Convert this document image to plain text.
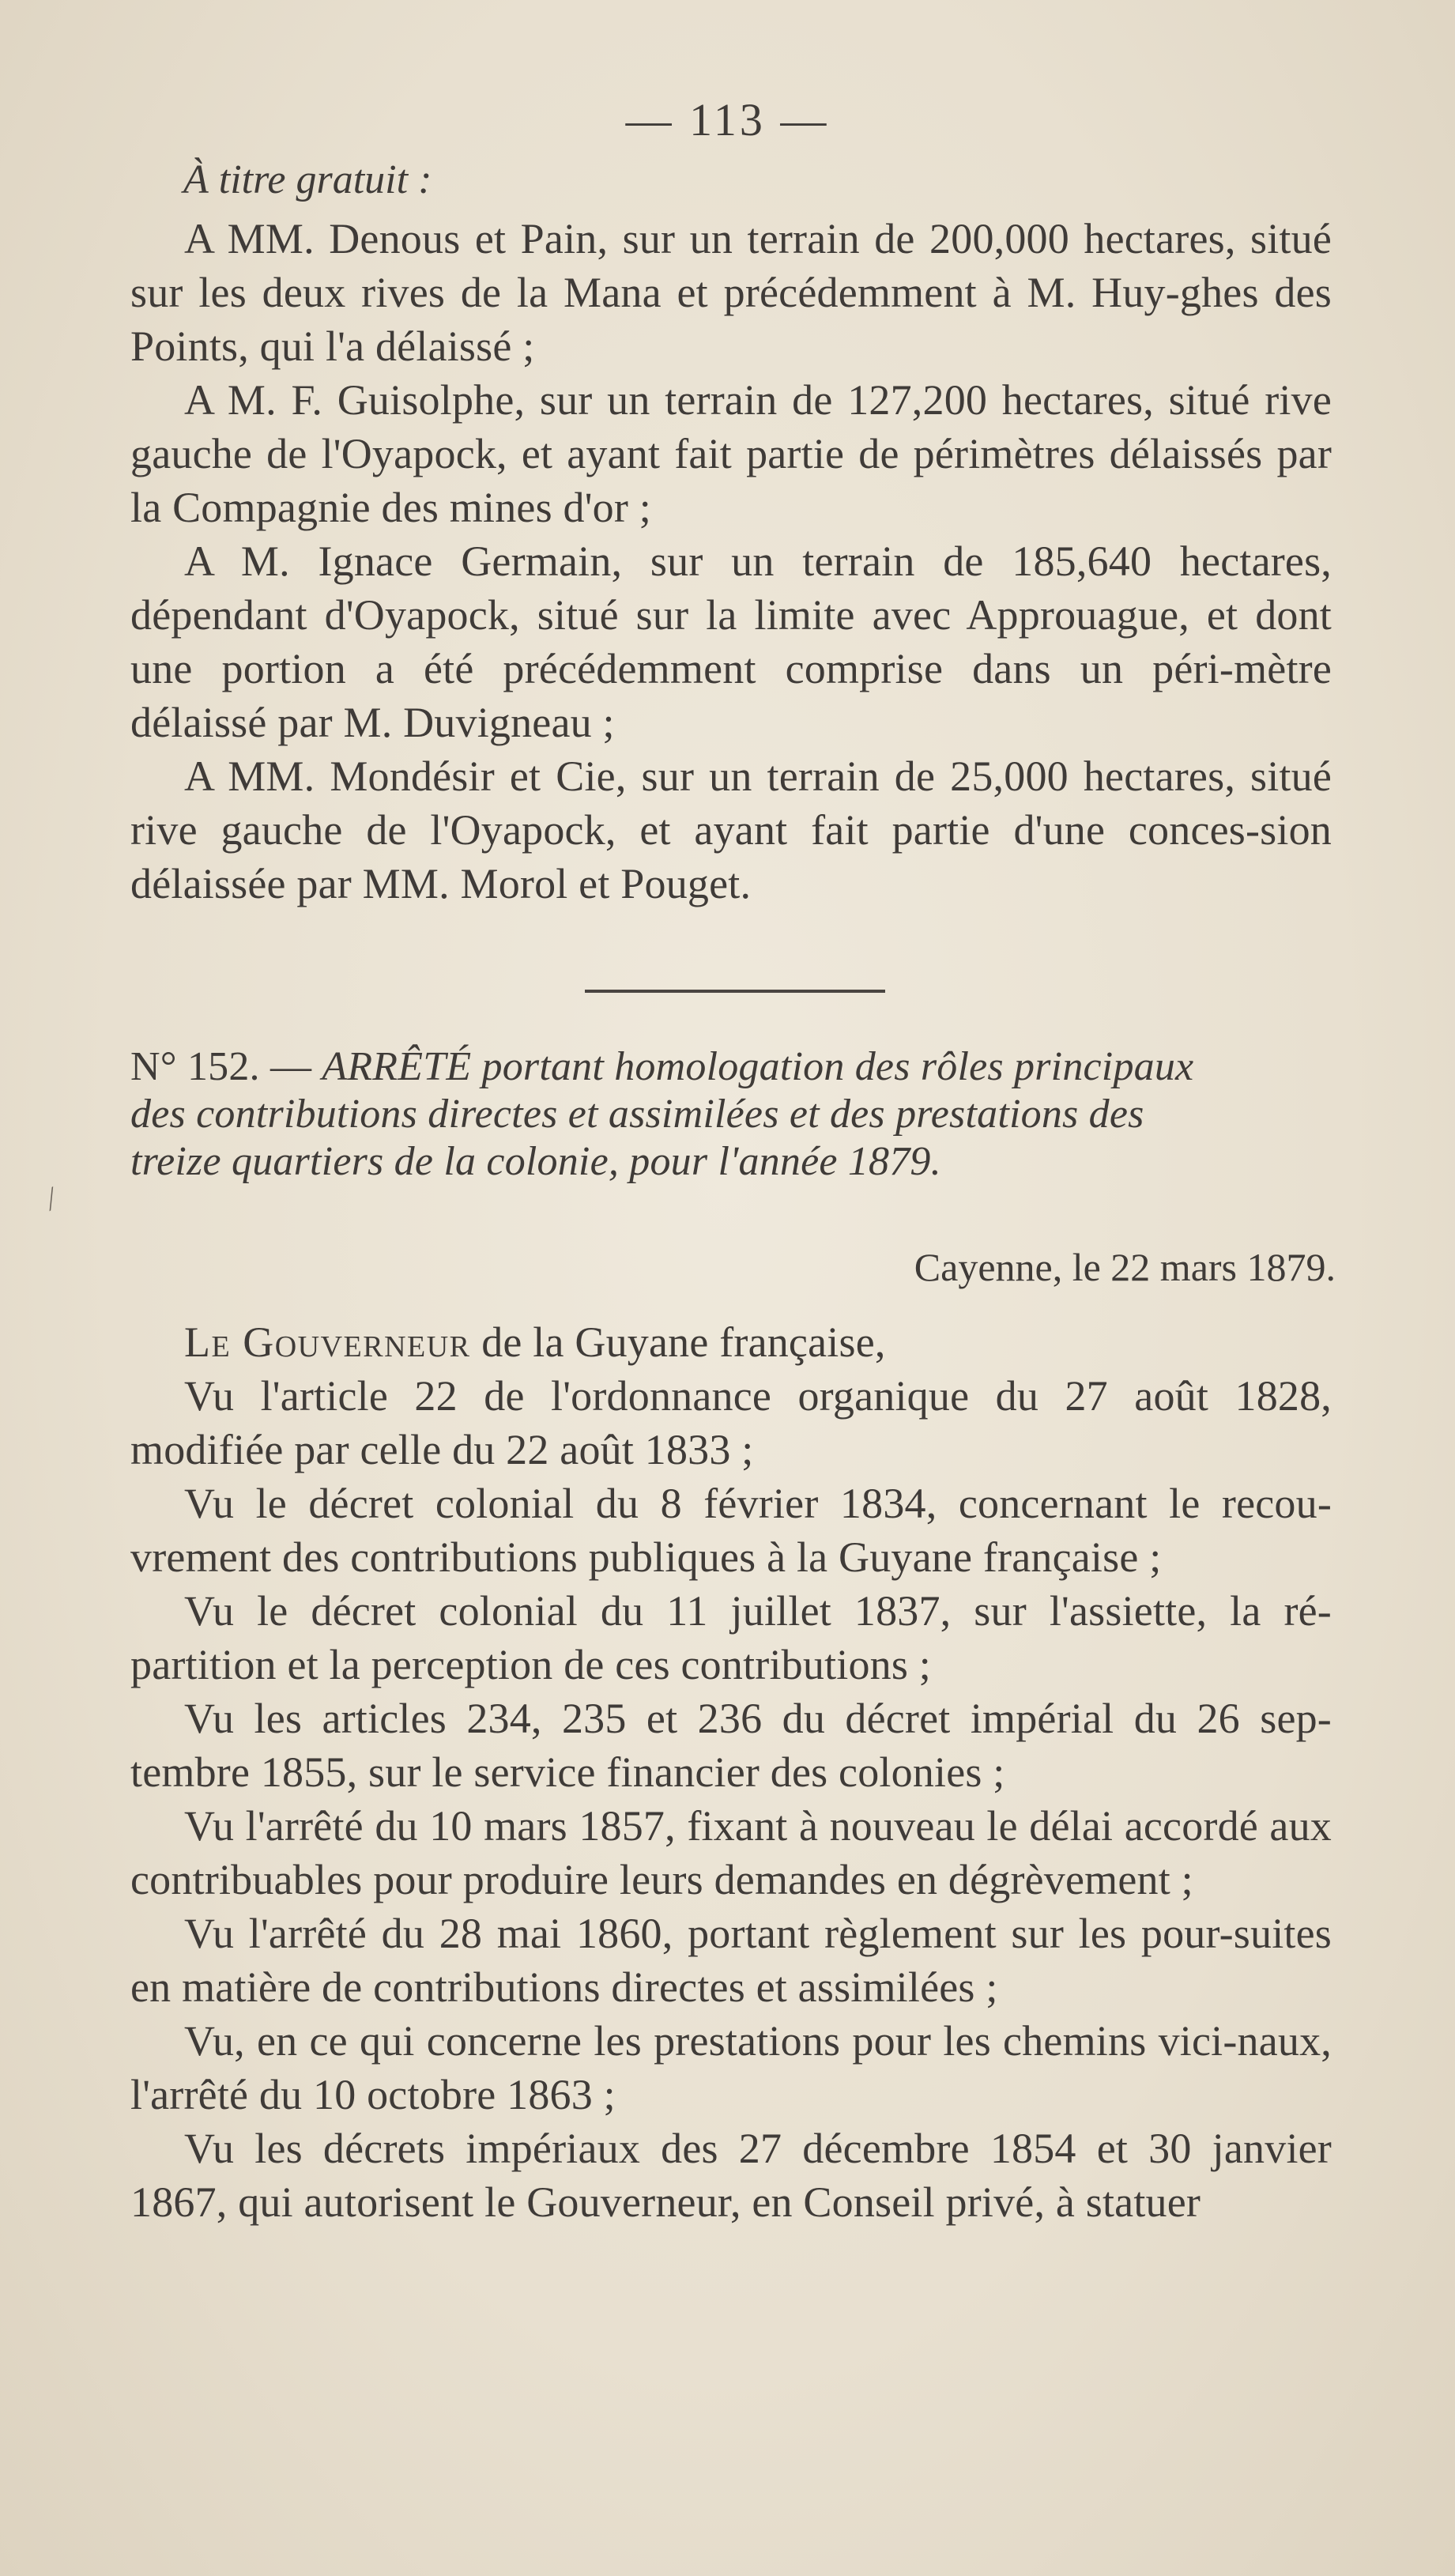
— 113 —
À titre gratuit :

A MM. Denous et Pain, sur un terrain de 200,000 hectares, situé sur les deux rives de la Mana et précédemment à M. Huy-ghes des Points, qui l'a délaissé ;

A M. F. Guisolphe, sur un terrain de 127,200 hectares, situé rive gauche de l'Oyapock, et ayant fait partie de périmètres délaissés par la Compagnie des mines d'or ;

A M. Ignace Germain, sur un terrain de 185,640 hectares, dépendant d'Oyapock, situé sur la limite avec Approuague, et dont une portion a été précédemment comprise dans un péri-mètre délaissé par M. Duvigneau ;

A MM. Mondésir et Cie, sur un terrain de 25,000 hectares, situé rive gauche de l'Oyapock, et ayant fait partie d'une conces-sion délaissée par MM. Morol et Pouget.

N° 152. — ARRÊTÉ portant homologation des rôles principaux

des contributions directes et assimilées et des prestations des

treize quartiers de la colonie, pour l'année 1879.

⁄
Cayenne, le 22 mars 1879.

Le Gouverneur de la Guyane française,

Vu l'article 22 de l'ordonnance organique du 27 août 1828, modifiée par celle du 22 août 1833 ;

Vu le décret colonial du 8 février 1834, concernant le recou-vrement des contributions publiques à la Guyane française ;

Vu le décret colonial du 11 juillet 1837, sur l'assiette, la ré-partition et la perception de ces contributions ;

Vu les articles 234, 235 et 236 du décret impérial du 26 sep-tembre 1855, sur le service financier des colonies ;

Vu l'arrêté du 10 mars 1857, fixant à nouveau le délai accordé aux contribuables pour produire leurs demandes en dégrèvement ;

Vu l'arrêté du 28 mai 1860, portant règlement sur les pour-suites en matière de contributions directes et assimilées ;

Vu, en ce qui concerne les prestations pour les chemins vici-naux, l'arrêté du 10 octobre 1863 ;

Vu les décrets impériaux des 27 décembre 1854 et 30 janvier 1867, qui autorisent le Gouverneur, en Conseil privé, à statuer
